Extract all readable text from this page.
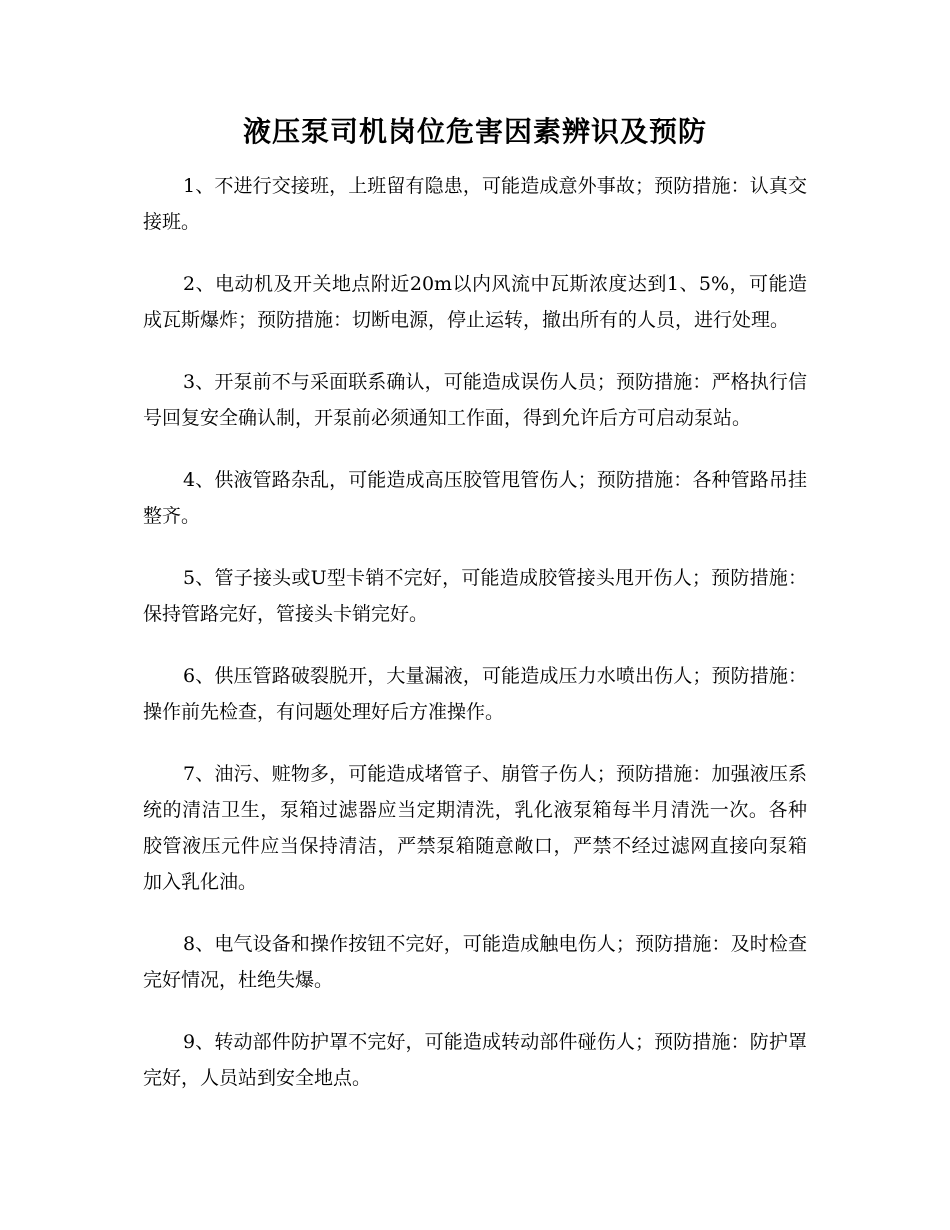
液压泵司机岗位危害因素辨识及预防

1、不进行交接班，上班留有隐患，可能造成意外事故；预防措施：认真交接班。

2、电动机及开关地点附近20m以内风流中瓦斯浓度达到1、5%，可能造成瓦斯爆炸；预防措施：切断电源，停止运转，撤出所有的人员，进行处理。

3、开泵前不与采面联系确认，可能造成误伤人员；预防措施：严格执行信号回复安全确认制，开泵前必须通知工作面，得到允许后方可启动泵站。

4、供液管路杂乱，可能造成高压胶管甩管伤人；预防措施：各种管路吊挂整齐。

5、管子接头或U型卡销不完好，可能造成胶管接头甩开伤人；预防措施：保持管路完好，管接头卡销完好。

6、供压管路破裂脱开，大量漏液，可能造成压力水喷出伤人；预防措施：操作前先检查，有问题处理好后方准操作。

7、油污、赃物多，可能造成堵管子、崩管子伤人；预防措施：加强液压系统的清洁卫生，泵箱过滤器应当定期清洗，乳化液泵箱每半月清洗一次。各种胶管液压元件应当保持清洁，严禁泵箱随意敞口，严禁不经过滤网直接向泵箱加入乳化油。

8、电气设备和操作按钮不完好，可能造成触电伤人；预防措施：及时检查完好情况，杜绝失爆。

9、转动部件防护罩不完好，可能造成转动部件碰伤人；预防措施：防护罩完好，人员站到安全地点。
